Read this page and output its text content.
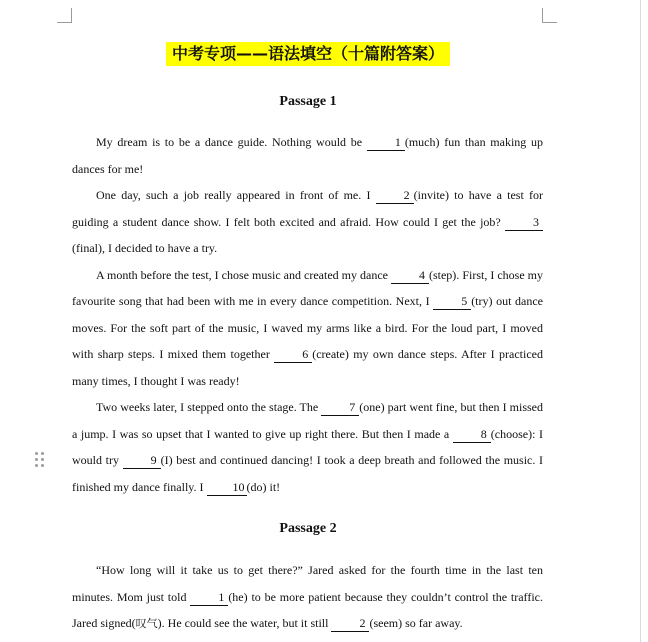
中考专项——语法填空（十篇附答案）
Passage 1

My dream is to be a dance guide. Nothing would be 1 (much) fun than making up dances for me!

One day, such a job really appeared in front of me. I 2 (invite) to have a test for guiding a student dance show. I felt both excited and afraid. How could I get the job? 3(final), I decided to have a try.

A month before the test, I chose music and created my dance 4 (step). First, I chose my favourite song that had been with me in every dance competition. Next, I 5 (try) out dance moves. For the soft part of the music, I waved my arms like a bird. For the loud part, I moved with sharp steps. I mixed them together 6 (create) my own dance steps. After I practiced many times, I thought I was ready!

Two weeks later, I stepped onto the stage. The 7 (one) part went fine, but then I missed a jump. I was so upset that I wanted to give up right there. But then I made a 8 (choose): I would try 9 (I) best and continued dancing! I took a deep breath and followed the music. I finished my dance finally. I 10 (do) it!

Passage 2

“How long will it take us to get there?” Jared asked for the fourth time in the last ten minutes. Mom just told 1 (he) to be more patient because they couldn’t control the traffic. Jared signed(叹气). He could see the water, but it still 2 (seem) so far away.
